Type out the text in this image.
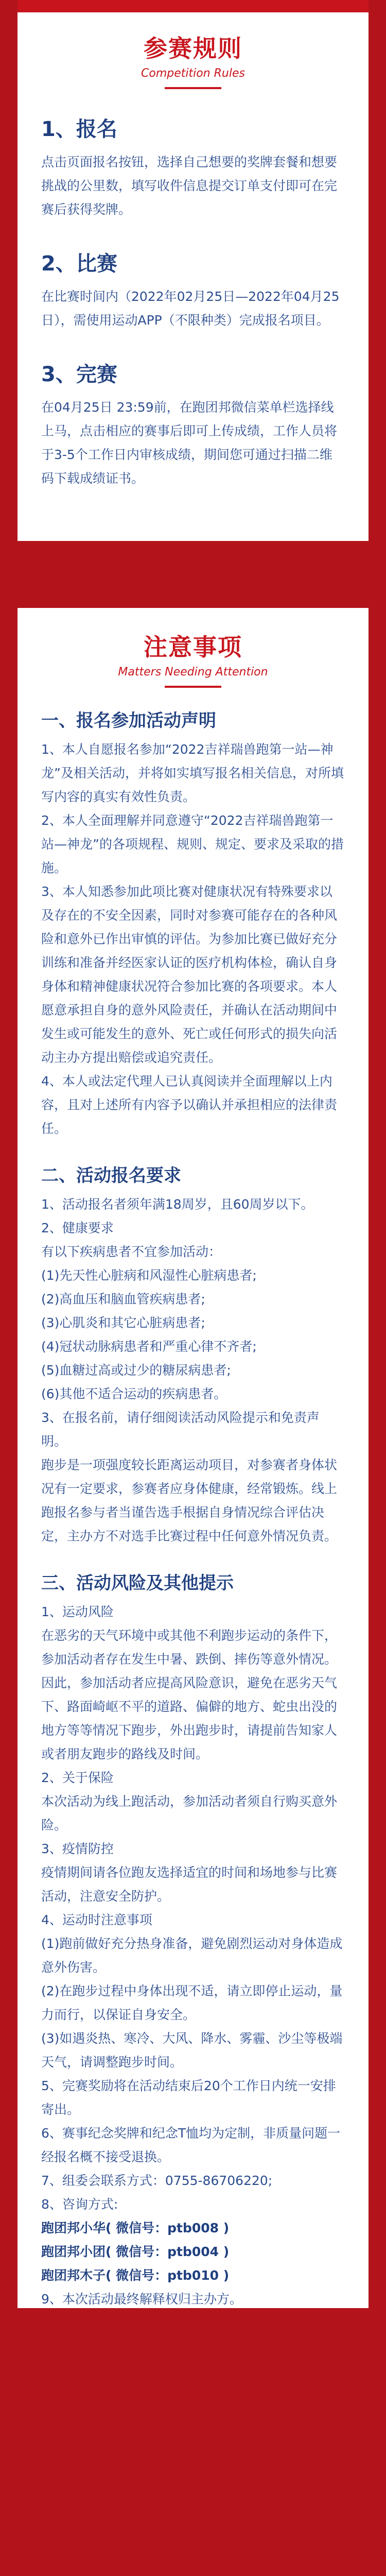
参赛规则
Competition Rules

1、报名

点击页面报名按钮，选择自己想要的奖牌套餐和想要挑战的公里数，填写收件信息提交订单支付即可在完赛后获得奖牌。

2、比赛

在比赛时间内（2022年02月25日—2022年04月25日），需使用运动APP（不限种类）完成报名项目。

3、完赛

在04月25日 23:59前，在跑团邦微信菜单栏选择线上马，点击相应的赛事后即可上传成绩，工作人员将于3-5个工作日内审核成绩，期间您可通过扫描二维码下载成绩证书。

注意事项
Matters Needing Attention

一、报名参加活动声明

1、本人自愿报名参加“2022吉祥瑞兽跑第一站—神龙”及相关活动，并将如实填写报名相关信息，对所填写内容的真实有效性负责。

2、本人全面理解并同意遵守“2022吉祥瑞兽跑第一站—神龙”的各项规程、规则、规定、要求及采取的措施。

3、本人知悉参加此项比赛对健康状况有特殊要求以及存在的不安全因素，同时对参赛可能存在的各种风险和意外已作出审慎的评估。为参加比赛已做好充分训练和准备并经医家认证的医疗机构体检，确认自身身体和精神健康状况符合参加比赛的各项要求。本人愿意承担自身的意外风险责任，并确认在活动期间中发生或可能发生的意外、死亡或任何形式的损失向活动主办方提出赔偿或追究责任。

4、本人或法定代理人已认真阅读并全面理解以上内容，且对上述所有内容予以确认并承担相应的法律责任。

二、活动报名要求

1、活动报名者须年满18周岁，且60周岁以下。

2、健康要求

有以下疾病患者不宜参加活动：

(1)先天性心脏病和风湿性心脏病患者;

(2)高血压和脑血管疾病患者;

(3)心肌炎和其它心脏病患者;

(4)冠状动脉病患者和严重心律不齐者;

(5)血糖过高或过少的糖尿病患者;

(6)其他不适合运动的疾病患者。

3、在报名前，请仔细阅读活动风险提示和免责声明。

跑步是一项强度较长距离运动项目，对参赛者身体状况有一定要求，参赛者应身体健康，经常锻炼。线上跑报名参与者当谨告选手根据自身情况综合评估决定，主办方不对选手比赛过程中任何意外情况负责。

三、活动风险及其他提示

1、运动风险

在恶劣的天气环境中或其他不利跑步运动的条件下，参加活动者存在发生中暑、跌倒、摔伤等意外情况。因此，参加活动者应提高风险意识，避免在恶劣天气下、路面崎岖不平的道路、偏僻的地方、蛇虫出没的地方等等情况下跑步，外出跑步时，请提前告知家人或者朋友跑步的路线及时间。

2、关于保险

本次活动为线上跑活动，参加活动者须自行购买意外险。

3、疫情防控

疫情期间请各位跑友选择适宜的时间和场地参与比赛活动，注意安全防护。

4、运动时注意事项

(1)跑前做好充分热身准备，避免剧烈运动对身体造成意外伤害。

(2)在跑步过程中身体出现不适，请立即停止运动，量力而行，以保证自身安全。

(3)如遇炎热、寒冷、大风、降水、雾霾、沙尘等极端天气，请调整跑步时间。

5、完赛奖励将在活动结束后20个工作日内统一安排寄出。

6、赛事纪念奖牌和纪念T恤均为定制，非质量问题一经报名概不接受退换。

7、组委会联系方式：0755-86706220;

8、咨询方式:

跑团邦小华( 微信号：ptb008 )

跑团邦小团( 微信号：ptb004 )

跑团邦木子( 微信号：ptb010 )

9、本次活动最终解释权归主办方。
